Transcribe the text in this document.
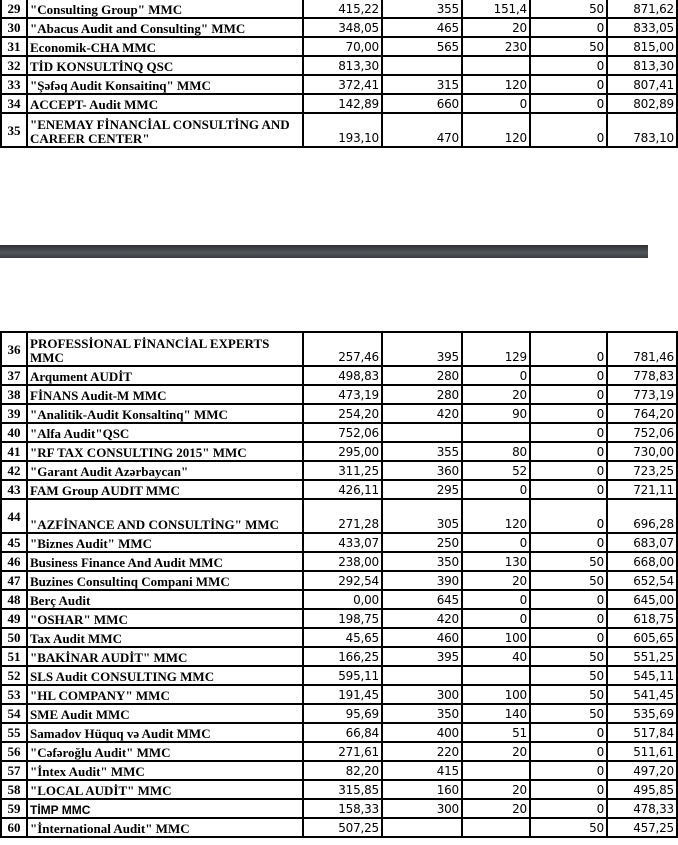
29	"Consulting Group" MMC	415,22	355	151,4	50	871,62
30	"Abacus Audit and Consulting" MMC	348,05	465	20	0	833,05
31	Economik-CHA MMC	70,00	565	230	50	815,00
32	TİD KONSULTİNQ QSC	813,30			0	813,30
33	"Şəfəq Audit Konsaitinq" MMC	372,41	315	120	0	807,41
34	ACCEPT- Audit MMC	142,89	660	0	0	802,89
35	"ENEMAY FİNANCİAL CONSULTİNG AND CAREER CENTER"	193,10	470	120	0	783,10
36	PROFESSİONAL FİNANCİAL EXPERTS MMC	257,46	395	129	0	781,46
37	Arqument AUDİT	498,83	280	0	0	778,83
38	FİNANS Audit-M MMC	473,19	280	20	0	773,19
39	"Analitik-Audit Konsaltinq" MMC	254,20	420	90	0	764,20
40	"Alfa Audit"QSC	752,06			0	752,06
41	"RF TAX CONSULTING 2015" MMC	295,00	355	80	0	730,00
42	"Garant Audit Azərbaycan"	311,25	360	52	0	723,25
43	FAM Group AUDIT MMC	426,11	295	0	0	721,11
44	"AZFİNANCE AND CONSULTİNG" MMC	271,28	305	120	0	696,28
45	"Biznes Audit" MMC	433,07	250	0	0	683,07
46	Business Finance And Audit MMC	238,00	350	130	50	668,00
47	Buzines Consultinq Compani MMC	292,54	390	20	50	652,54
48	Berç Audit	0,00	645	0	0	645,00
49	"OSHAR" MMC	198,75	420	0	0	618,75
50	Tax Audit MMC	45,65	460	100	0	605,65
51	"BAKİNAR AUDİT" MMC	166,25	395	40	50	551,25
52	SLS Audit CONSULTING MMC	595,11			50	545,11
53	"HL COMPANY" MMC	191,45	300	100	50	541,45
54	SME Audit MMC	95,69	350	140	50	535,69
55	Samadov Hüquq və Audit MMC	66,84	400	51	0	517,84
56	"Cəfəroğlu Audit" MMC	271,61	220	20	0	511,61
57	"İntex Audit" MMC	82,20	415		0	497,20
58	"LOCAL AUDİT" MMC	315,85	160	20	0	495,85
59	TİMP MMC	158,33	300	20	0	478,33
60	"İnternational Audit" MMC	507,25			50	457,25
